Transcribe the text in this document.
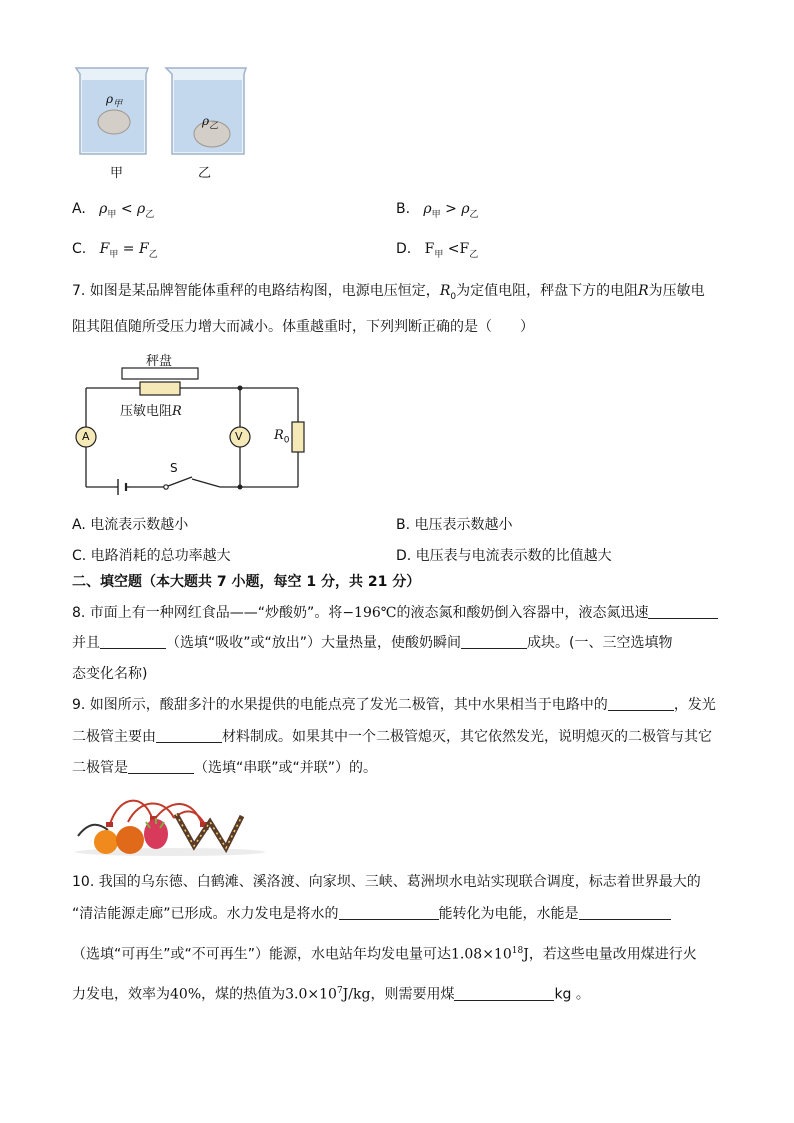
$\rho_甲$
$\rho_乙$
甲	乙
A. $\rho_甲 < \rho_乙$	B. $\rho_甲 > \rho_乙$
C. $F_甲 = F_乙$	D. $F_甲 <F_乙$
7. 如图是某品牌智能体重秤的电路结构图，电源电压恒定，$R_0$为定值电阻，秤盘下方的电阻R为压敏电
阻其阻值随所受压力增大而减小。体重越重时，下列判断正确的是（　　）
秤盘
压敏电阻R
A	V $R_0$
S
A. 电流表示数越小	B. 电压表示数越小
C. 电路消耗的总功率越大	D. 电压表与电流表示数的比值越大
二、填空题（本大题共 7 小题，每空 1 分，共 21 分）
8. 市面上有一种网红食品——“炒酸奶”。将−196℃的液态氮和酸奶倒入容器中，液态氮迅速
并且	（选填“吸收”或“放出”）大量热量，使酸奶瞬间	成块。(一、三空选填物
态变化名称)
9. 如图所示，酸甜多汁的水果提供的电能点亮了发光二极管，其中水果相当于电路中的	，发光
二极管主要由	材料制成。如果其中一个二极管熄灭，其它依然发光，说明熄灭的二极管与其它
二极管是	（选填“串联”或“并联”）的。
10. 我国的乌东德、白鹤滩、溪洛渡、向家坝、三峡、葛洲坝水电站实现联合调度，标志着世界最大的
“清洁能源走廊”已形成。水力发电是将水的	能转化为电能，水能是
（选填“可再生”或“不可再生”）能源，水电站年均发电量可达$1.08\times 10^{18}J$，若这些电量改用煤进行火
力发电，效率为40%，煤的热值为$3.0\times 10^7J/kg$，则需要用煤	kg 。
